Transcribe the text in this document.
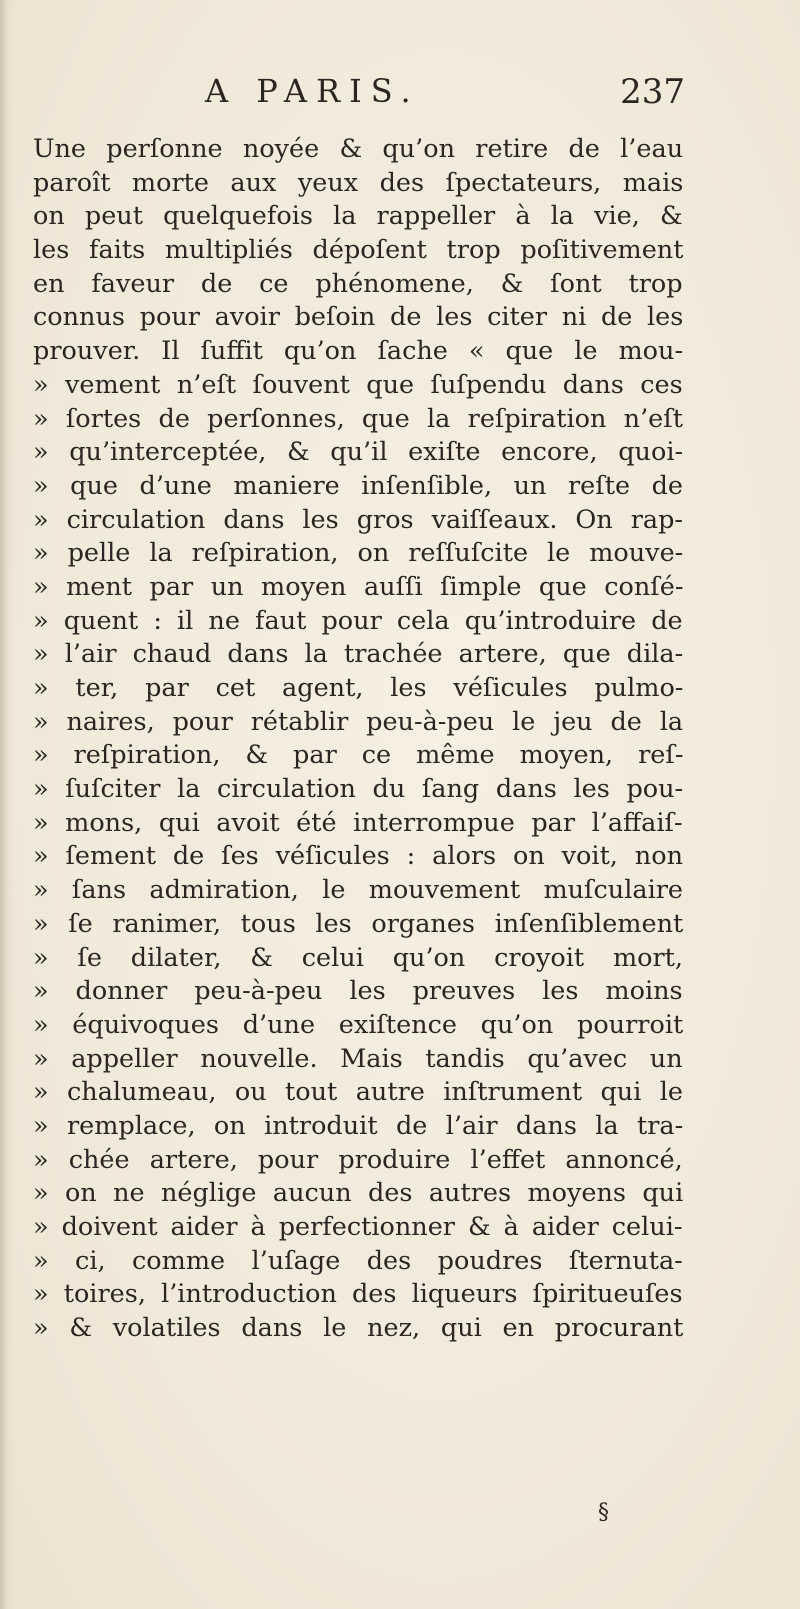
A PARIS.	237
Une perſonne noyée & qu’on retire de l’eau
paroît morte aux yeux des ſpectateurs, mais
on peut quelquefois la rappeller à la vie, &
les faits multipliés dépoſent trop poſitivement
en faveur de ce phénomene, & ſont trop
connus pour avoir beſoin de les citer ni de les
prouver. Il ſuffit qu’on ſache « que le mou-
» vement n’eſt ſouvent que ſuſpendu dans ces
» ſortes de perſonnes, que la reſpiration n’eſt
» qu’interceptée, & qu’il exiſte encore, quoi-
» que d’une maniere inſenſible, un reſte de
» circulation dans les gros vaiſſeaux. On rap-
» pelle la reſpiration, on reſſuſcite le mouve-
» ment par un moyen auſſi ſimple que conſé-
» quent : il ne faut pour cela qu’introduire de
» l’air chaud dans la trachée artere, que dila-
» ter, par cet agent, les véſicules pulmo-
» naires, pour rétablir peu-à-peu le jeu de la
» reſpiration, & par ce même moyen, reſ-
» ſuſciter la circulation du ſang dans les pou-
» mons, qui avoit été interrompue par l’affaiſ-
» ſement de ſes véſicules : alors on voit, non
» ſans admiration, le mouvement muſculaire
» ſe ranimer, tous les organes inſenſiblement
» ſe dilater, & celui qu’on croyoit mort,
» donner peu-à-peu les preuves les moins
» équivoques d’une exiſtence qu’on pourroit
» appeller nouvelle. Mais tandis qu’avec un
» chalumeau, ou tout autre inſtrument qui le
» remplace, on introduit de l’air dans la tra-
» chée artere, pour produire l’effet annoncé,
» on ne néglige aucun des autres moyens qui
» doivent aider à perfectionner & à aider celui-
» ci, comme l’uſage des poudres ſternuta-
» toires, l’introduction des liqueurs ſpiritueuſes
» & volatiles dans le nez, qui en procurant
§
